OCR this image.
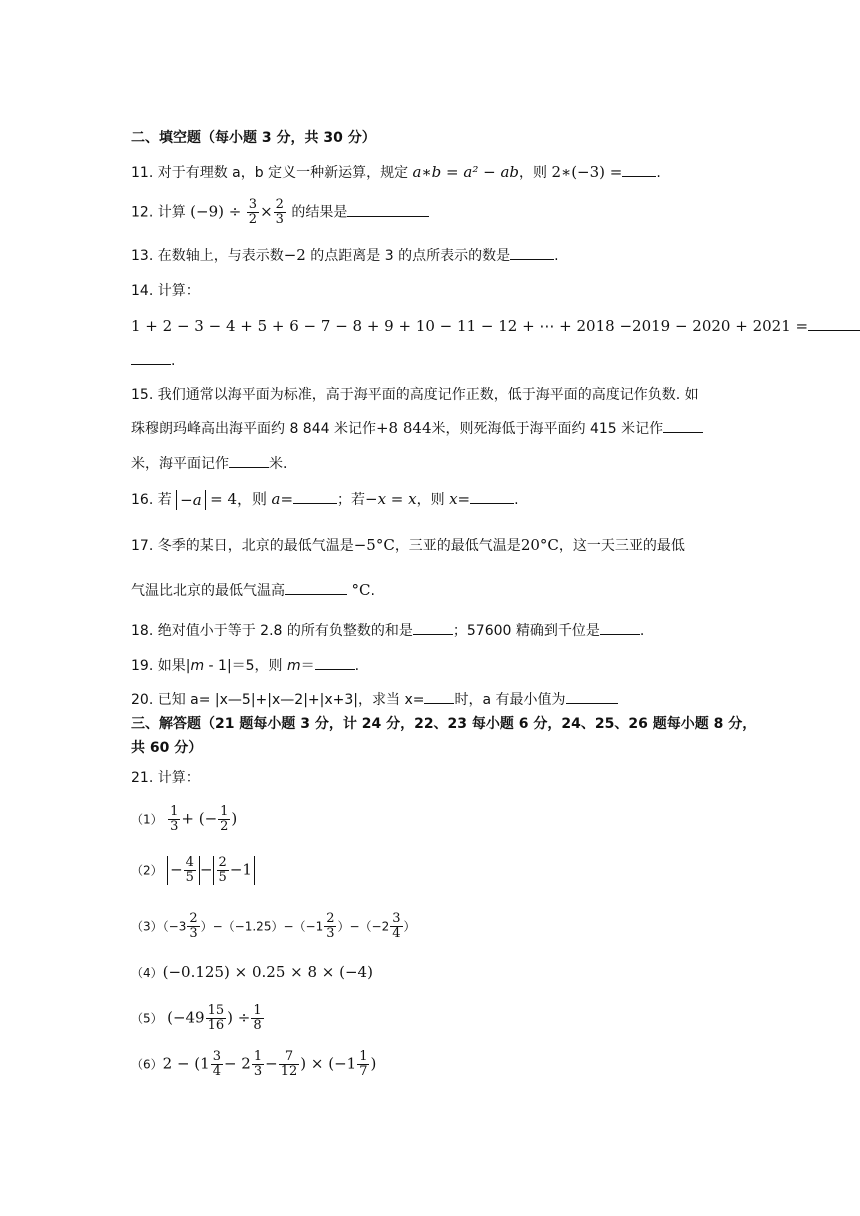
二、填空题（每小题 3 分，共 30 分）
11. 对于有理数 a，b 定义一种新运算，规定 a∗b = a² − ab，则 2∗(−3) = .
12. 计算 $(-9) \div \frac{3}{2} \times \frac{2}{3}$ 的结果是
13. 在数轴上，与表示数−2 的点距离是 3 的点所表示的数是	.
14. 计算：
1 + 2 − 3 − 4 + 5 + 6 − 7 − 8 + 9 + 10 − 11 − 12 + ⋯ + 2018 −2019 − 2020 + 2021 =
.
15. 我们通常以海平面为标准，高于海平面的高度记作正数，低于海平面的高度记作负数. 如
珠穆朗玛峰高出海平面约 8 844 米记作+8 844米，则死海低于海平面约 415 米记作
米，海平面记作	米.
16. 若 −a = 4，则 a=	；若−x = x，则 x=	.
17. 冬季的某日，北京的最低气温是−5°C，三亚的最低气温是20°C，这一天三亚的最低
气温比北京的最低气温高	°C.
18. 绝对值小于等于 2.8 的所有负整数的和是	；57600 精确到千位是	.
19. 如果|m - 1|＝5，则 m＝	.
20. 已知 a= |x—5|+|x—2|+|x+3|，求当 x= 时，a 有最小值为
三、解答题（21 题每小题 3 分，计 24 分，22、23 每小题 6 分，24、25、26 题每小题 8 分，
共 60 分）
21. 计算：
$(1) \frac{1}{3}$ + (− $\frac{1}{2}$ )
$(2) - \frac{4}{5} - \frac{2}{5} -1$
$(3)(-3 \frac{2}{3} )-(-1.25)-(-1 \frac{2}{3} )-(-2 \frac{3}{4}$ ）
（4）(−0.125) × 0.25 × 8 × (−4)
（5） ($-49 \frac{15}{16}$ ) ÷ $\frac{1}{8}$
$(6)2 - (1 \frac{3}{4} - 2 \frac{1}{3} - \frac{7}{12}$ ) × ($-1 \frac{1}{7}$ )
